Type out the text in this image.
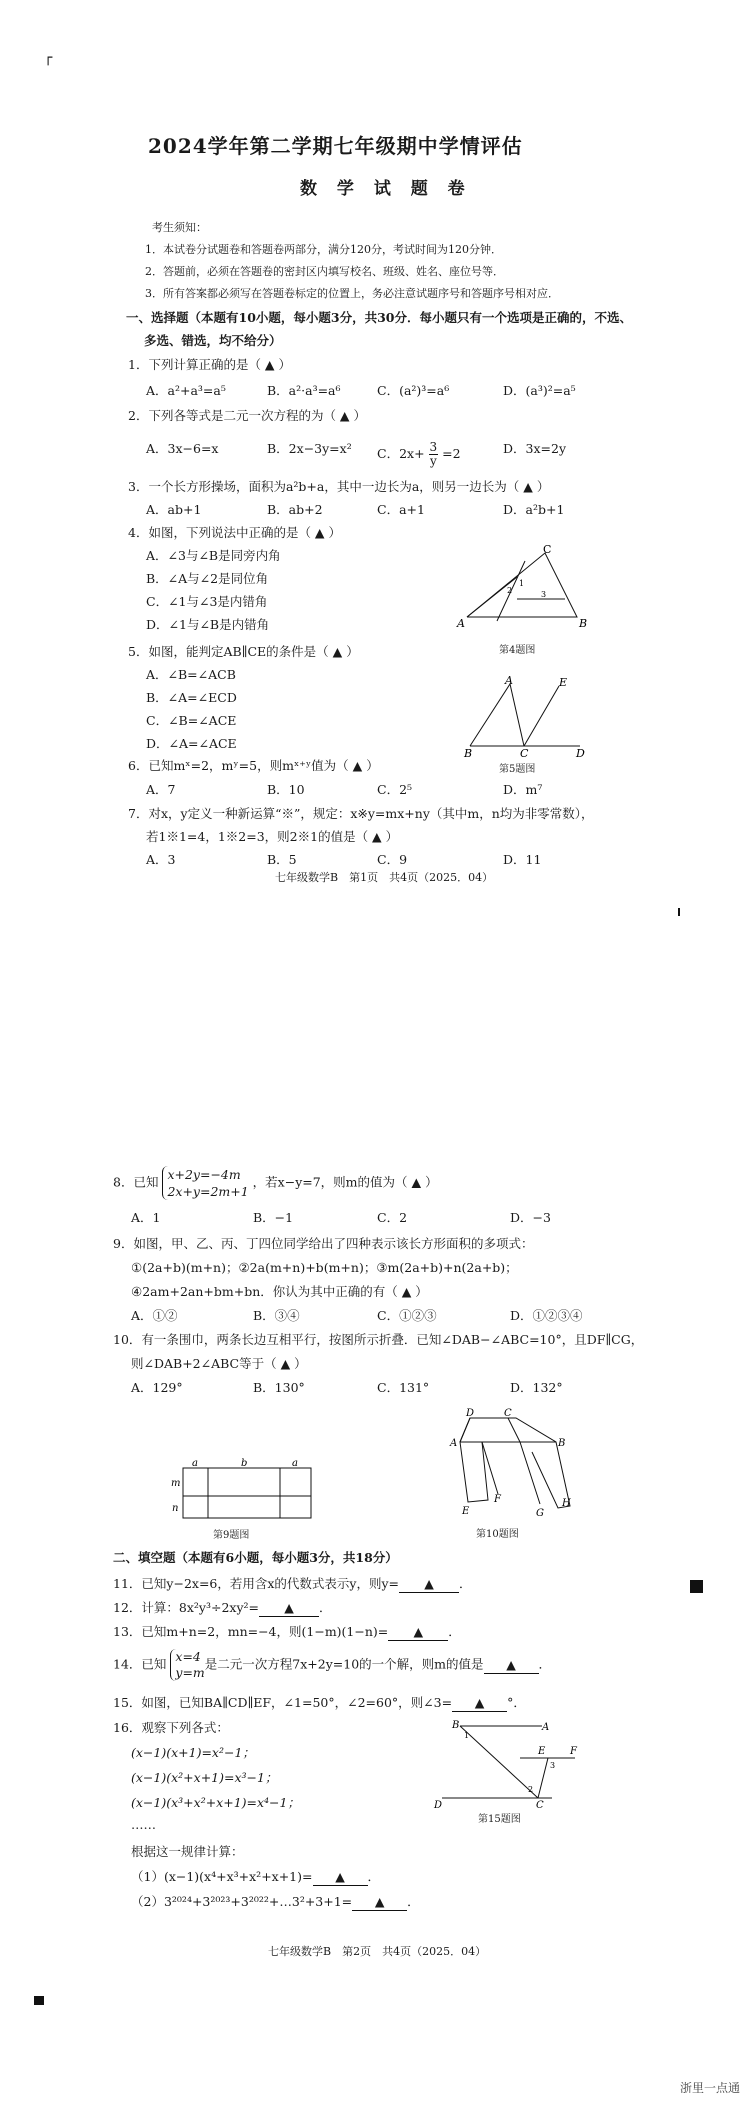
┌
2024学年第二学期七年级期中学情评估
数 学 试 题 卷
考生须知：
1．本试卷分试题卷和答题卷两部分，满分120分，考试时间为120分钟．
2．答题前，必须在答题卷的密封区内填写校名、班级、姓名、座位号等．
3．所有答案都必须写在答题卷标定的位置上，务必注意试题序号和答题序号相对应．
一、选择题（本题有10小题，每小题3分，共30分．每小题只有一个选项是正确的，不选、
多选、错选，均不给分）
1．下列计算正确的是（ ▲ ）
A．a²+a³=a⁵	B．a²·a³=a⁶	C．(a²)³=a⁶	D．(a³)²=a⁵
2．下列各等式是二元一次方程的为（ ▲ ）
A．3x−6=x	B．2x−3y=x² C．$2x+ \frac{3}{y} =2$	D．3x=2y
3．一个长方形操场，面积为a²b+a，其中一边长为a，则另一边长为（ ▲ ）
A．ab+1	B．ab+2	C．a+1	D．a²b+1
4．如图，下列说法中正确的是（ ▲ ）
A．∠3与∠B是同旁内角
B．∠A与∠2是同位角
C．∠1与∠3是内错角
D．∠1与∠B是内错角
C
A	B
1
2	3
第4题图
5．如图，能判定AB∥CE的条件是（ ▲ ）
A．∠B=∠ACB
B．∠A=∠ECD
C．∠B=∠ACE
D．∠A=∠ACE
A	E
B	C	D
第5题图
6．已知mˣ=2，mʸ=5，则mˣ⁺ʸ值为（ ▲ ）
A．7	B．10	C．2⁵	D．m⁷
7．对x，y定义一种新运算“※”，规定：x※y=mx+ny（其中m，n均为非零常数），
若1※1=4，1※2=3，则2※1的值是（ ▲ ）
A．3	B．5	C．9	D．11
七年级数学B　第1页　共4页（2025．04）
8．已知 x+2y=−4m
2x+y=2m+1
，若x−y=7，则m的值为（ ▲ ）
A．1	B．−1	C．2	D．−3
9．如图，甲、乙、丙、丁四位同学给出了四种表示该长方形面积的多项式：
①(2a+b)(m+n)；②2a(m+n)+b(m+n)；③m(2a+b)+n(2a+b)；
④2am+2an+bm+bn．你认为其中正确的有（ ▲ ）
A．①②	B．③④	C．①②③	D．①②③④
10．有一条围巾，两条长边互相平行，按图所示折叠．已知∠DAB−∠ABC=10°，且DF∥CG，
则∠DAB+2∠ABC等于（ ▲ ）
A．129°	B．130°	C．131°	D．132°
a	b	a
m
n
第9题图
D	C
A	B
F
E	G
H
第10题图
二、填空题（本题有6小题，每小题3分，共18分）
11．已知y−2x=6，若用含x的代数式表示y，则y= ▲ ．
12．计算：8x²y³÷2xy²= ▲ ．
13．已知m+n=2，mn=−4，则(1−m)(1−n)= ▲ ．
14．已知 x=4
y=m
是二元一次方程7x+2y=10的一个解，则m的值是 ▲ ．
15．如图，已知BA∥CD∥EF，∠1=50°，∠2=60°，则∠3= ▲ °．
B	A
E F
D	C
1
2
3
第15题图
16．观察下列各式：
(x−1)(x+1)=x²−1；
(x−1)(x²+x+1)=x³−1；
(x−1)(x³+x²+x+1)=x⁴−1；
……
根据这一规律计算：
（1）(x−1)(x⁴+x³+x²+x+1)= ▲ ．
（2）3²⁰²⁴+3²⁰²³+3²⁰²²+…3²+3+1= ▲ ．
七年级数学B　第2页　共4页（2025．04）
浙里一点通
